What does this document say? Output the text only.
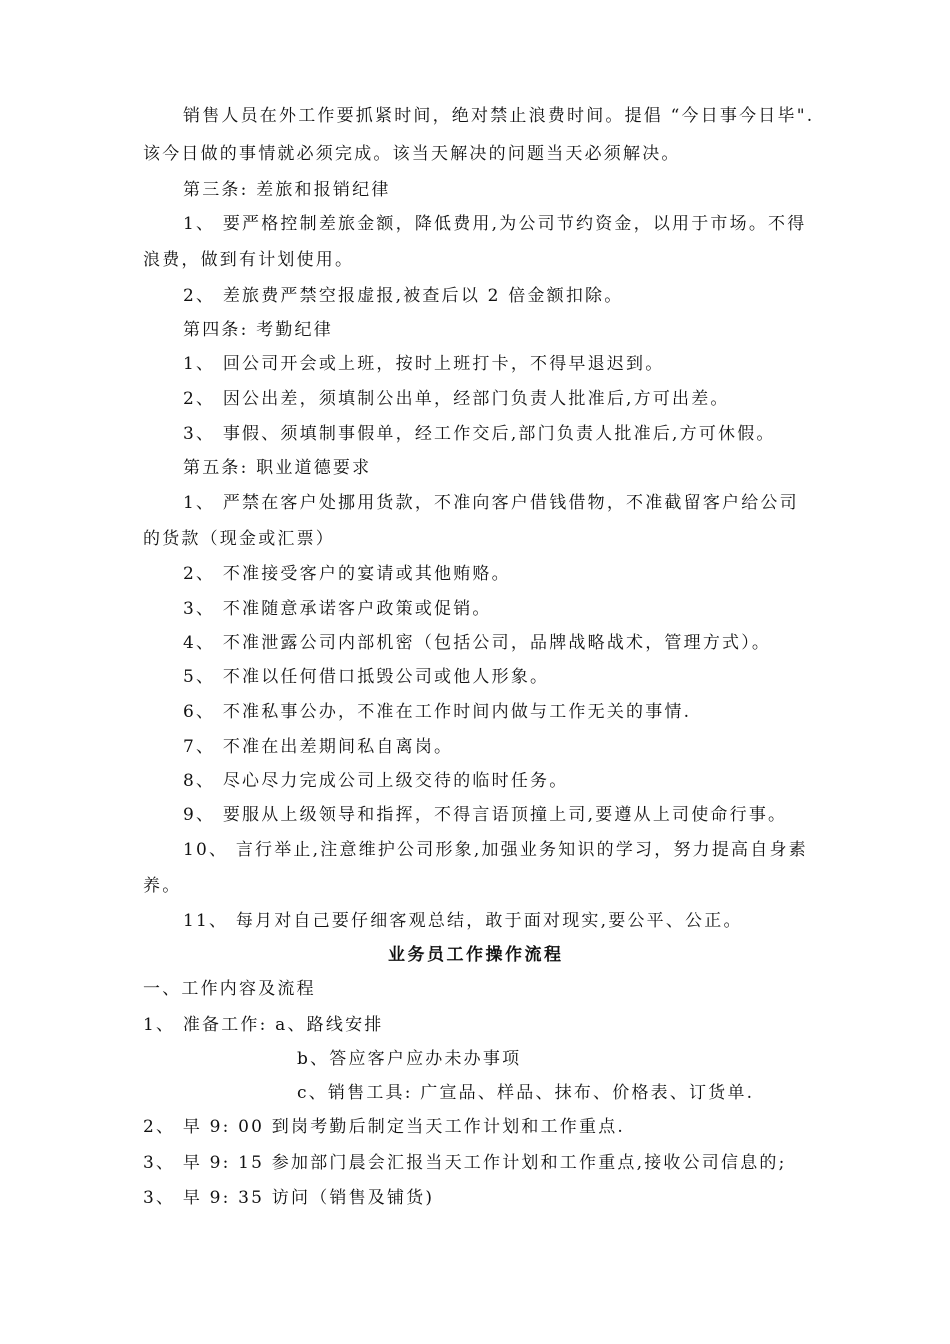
销售人员在外工作要抓紧时间，绝对禁止浪费时间。提倡 “今日事今日毕".
该今日做的事情就必须完成。该当天解决的问题当天必须解决。
第三条: 差旅和报销纪律
1、 要严格控制差旅金额，降低费用,为公司节约资金，以用于市场。不得
浪费，做到有计划使用。
2、 差旅费严禁空报虚报,被查后以 2 倍金额扣除。
第四条: 考勤纪律
1、 回公司开会或上班，按时上班打卡，不得早退迟到。
2、 因公出差，须填制公出单，经部门负责人批准后,方可出差。
3、 事假、须填制事假单，经工作交后,部门负责人批准后,方可休假。
第五条: 职业道德要求
1、 严禁在客户处挪用货款，不准向客户借钱借物，不准截留客户给公司
的货款（现金或汇票）
2、 不准接受客户的宴请或其他贿赂。
3、 不准随意承诺客户政策或促销。
4、 不准泄露公司内部机密（包括公司，品牌战略战术，管理方式）。
5、 不准以任何借口抵毁公司或他人形象。
6、 不准私事公办，不准在工作时间内做与工作无关的事情.
7、 不准在出差期间私自离岗。
8、 尽心尽力完成公司上级交待的临时任务。
9、 要服从上级领导和指挥，不得言语顶撞上司,要遵从上司使命行事。
10、 言行举止,注意维护公司形象,加强业务知识的学习，努力提高自身素
养。
11、 每月对自己要仔细客观总结，敢于面对现实,要公平、公正。
业务员工作操作流程
一、工作内容及流程
1、 准备工作: a、路线安排
b、答应客户应办未办事项
c、销售工具: 广宣品、样品、抹布、价格表、订货单.
2、 早 9: 00 到岗考勤后制定当天工作计划和工作重点.
3、 早 9: 15 参加部门晨会汇报当天工作计划和工作重点,接收公司信息的;
3、 早 9: 35 访问（销售及铺货)
